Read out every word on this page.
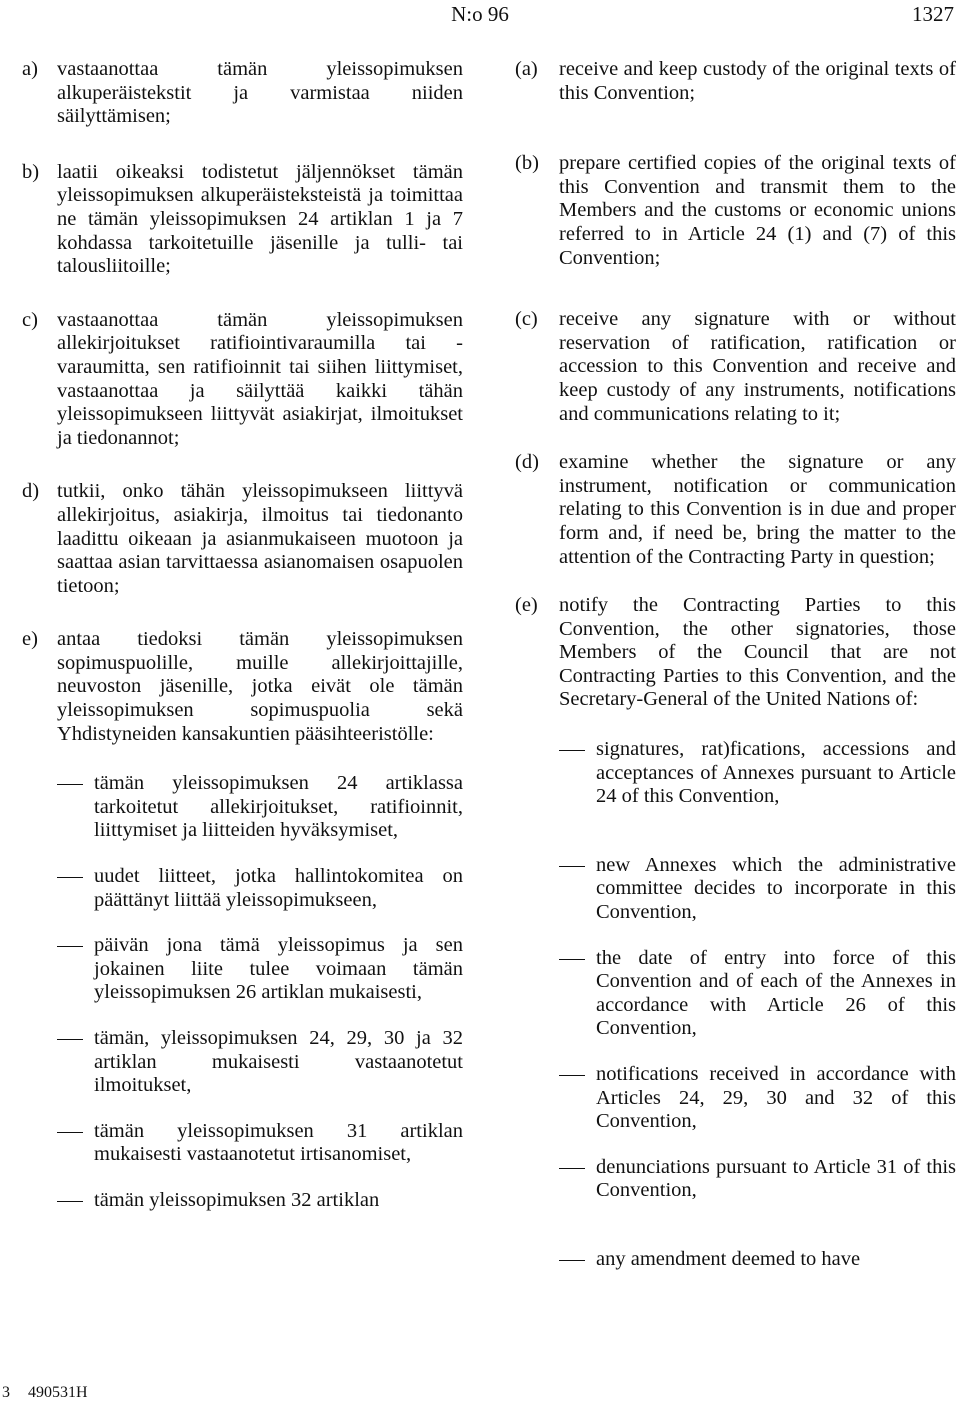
N:o 96	1327
a) vastaanottaa tämän yleissopimuksen alkuperäistekstit ja varmistaa niiden säilyttämisen;
b) laatii oikeaksi todistetut jäljennökset tämän yleissopimuksen alkuperäisteksteistä ja toimittaa ne tämän yleissopimuksen 24 artiklan 1 ja 7 kohdassa tarkoitetuille jäsenille ja tulli- tai talousliitoille;
c) vastaanottaa tämän yleissopimuksen allekirjoitukset ratifiointivaraumilla tai -varaumitta, sen ratifioinnit tai siihen liittymiset, vastaanottaa ja säilyttää kaikki tähän yleissopimukseen liittyvät asiakirjat, ilmoitukset ja tiedonannot;
d) tutkii, onko tähän yleissopimukseen liittyvä allekirjoitus, asiakirja, ilmoitus tai tiedonanto laadittu oikeaan ja asianmukaiseen muotoon ja saattaa asian tarvittaessa asianomaisen osapuolen tietoon;
e) antaa tiedoksi tämän yleissopimuksen sopimuspuolille, muille allekirjoittajille, neuvoston jäsenille, jotka eivät ole tämän yleissopimuksen sopimuspuolia sekä Yhdistyneiden kansakuntien pääsihteeristölle:
tämän yleissopimuksen 24 artiklassa tarkoitetut allekirjoitukset, ratifioinnit, liittymiset ja liitteiden hyväksymiset,
uudet liitteet, jotka hallintokomitea on päättänyt liittää yleissopimukseen,
päivän jona tämä yleissopimus ja sen jokainen liite tulee voimaan tämän yleissopimuksen 26 artiklan mukaisesti,
tämän, yleissopimuksen 24, 29, 30 ja 32 artiklan mukaisesti vastaanotetut ilmoitukset,
tämän yleissopimuksen 31 artiklan mukaisesti vastaanotetut irtisanomiset,
tämän yleissopimuksen 32 artiklan
(a) receive and keep custody of the original texts of this Convention;
(b) prepare certified copies of the original texts of this Convention and transmit them to the Members and the customs or economic unions referred to in Article 24 (1) and (7) of this Convention;
(c) receive any signature with or without reservation of ratification, ratification or accession to this Convention and receive and keep custody of any instruments, notifications and communications relating to it;
(d) examine whether the signature or any instrument, notification or communication relating to this Convention is in due and proper form and, if need be, bring the matter to the attention of the Contracting Party in question;
(e) notify the Contracting Parties to this Convention, the other signatories, those Members of the Council that are not Contracting Parties to this Convention, and the Secretary-General of the United Nations of:
signatures, rat)fications, accessions and acceptances of Annexes pursuant to Article 24 of this Convention,
new Annexes which the administrative committee decides to incorporate in this Convention,
the date of entry into force of this Convention and of each of the Annexes in accordance with Article 26 of this Convention,
notifications received in accordance with Articles 24, 29, 30 and 32 of this Convention,
denunciations pursuant to Article 31 of this Convention,
any amendment deemed to have
3 490531H
